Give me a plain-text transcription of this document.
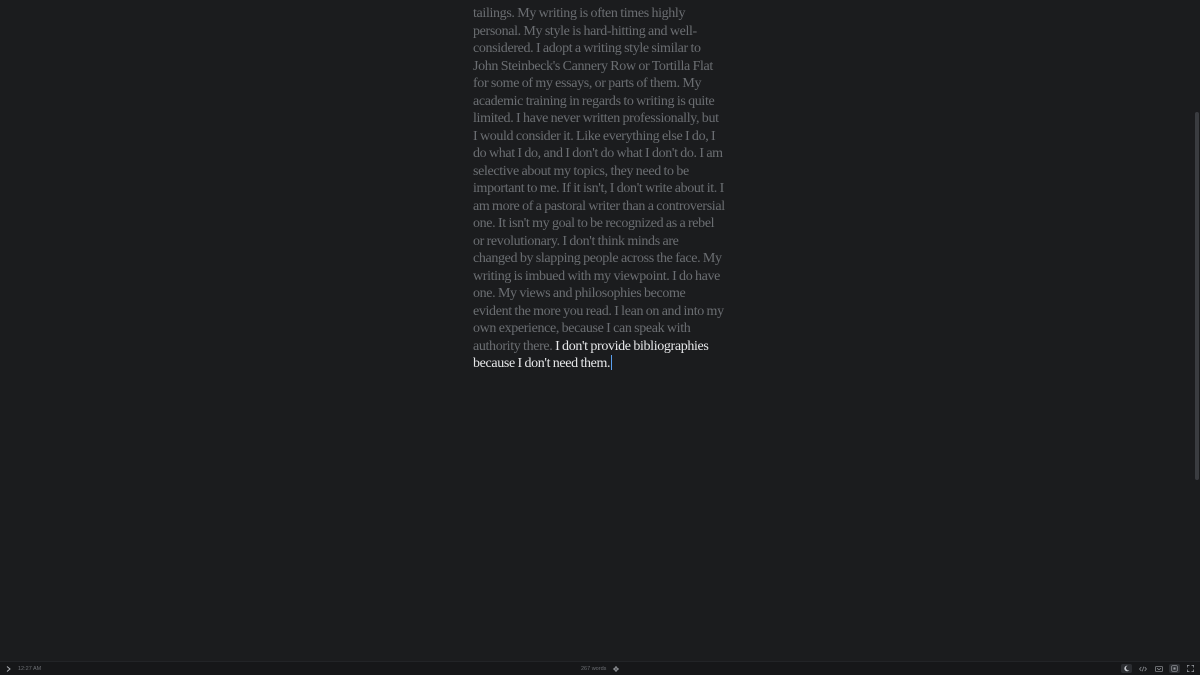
tailings. My writing is often times highly personal. My style is hard-hitting and well-considered. I adopt a writing style similar to John Steinbeck's Cannery Row or Tortilla Flat for some of my essays, or parts of them. My academic training in regards to writing is quite limited. I have never written professionally, but I would consider it. Like everything else I do, I do what I do, and I don't do what I don't do. I am selective about my topics, they need to be important to me. If it isn't, I don't write about it. I am more of a pastoral writer than a controversial one. It isn't my goal to be recognized as a rebel or revolutionary. I don't think minds are changed by slapping people across the face. My writing is imbued with my viewpoint. I do have one. My views and philosophies become evident the more you read. I lean on and into my own experience, because I can speak with authority there. I don't provide bibliographies because I don't need them.
12:27 AM	267 words
